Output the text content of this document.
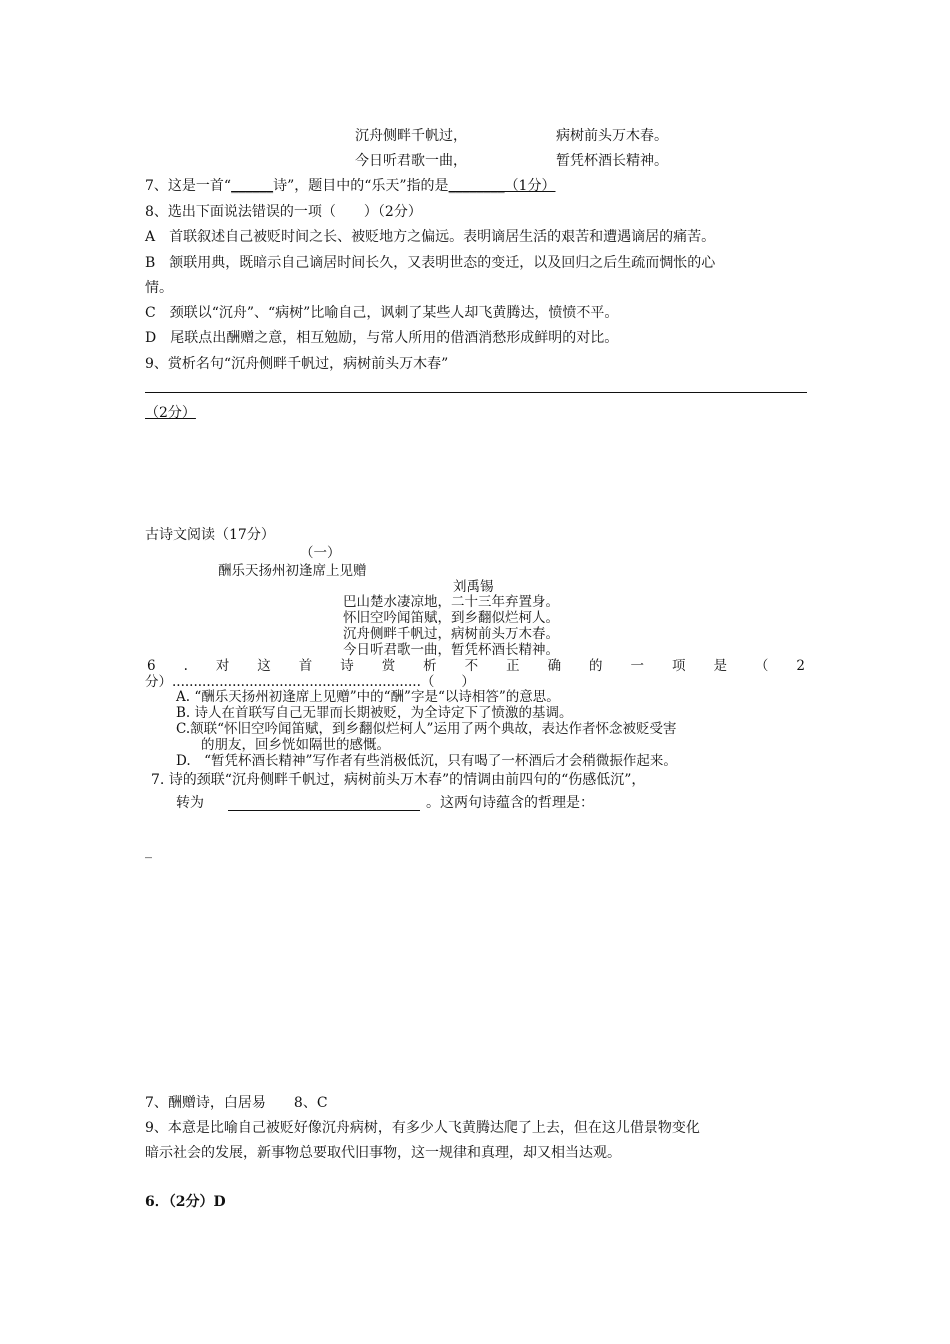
沉舟侧畔千帆过，	病树前头万木春。
今日听君歌一曲，	暂凭杯酒长精神。
7、这是一首“______诗”，题目中的“乐天”指的是________（1分）
8、选出下面说法错误的一项（　　）（2分）
A　首联叙述自己被贬时间之长、被贬地方之偏远。表明谪居生活的艰苦和遭遇谪居的痛苦。
B　颔联用典，既暗示自己谪居时间长久，又表明世态的变迁，以及回归之后生疏而惆怅的心
情。
C　颈联以“沉舟”、“病树”比喻自己，讽刺了某些人却飞黄腾达，愤愤不平。
D　尾联点出酬赠之意，相互勉励，与常人所用的借酒消愁形成鲜明的对比。
9、赏析名句“沉舟侧畔千帆过，病树前头万木春”
（2分）
古诗文阅读（17分）
（一）
酬乐天扬州初逢席上见赠
刘禹锡
巴山楚水凄凉地，二十三年弃置身。
怀旧空吟闻笛赋，到乡翻似烂柯人。
沉舟侧畔千帆过，病树前头万木春。
今日听君歌一曲，暂凭杯酒长精神。
6 . 对 这 首 诗 赏 析 不 正 确 的 一 项 是 （ 2
分）..........................................................（　　）
A. “酬乐天扬州初逢席上见赠”中的“酬”字是“以诗相答”的意思。
B. 诗人在首联写自己无罪而长期被贬，为全诗定下了愤激的基调。
C.颔联“怀旧空吟闻笛赋，到乡翻似烂柯人”运用了两个典故，表达作者怀念被贬受害
的朋友，回乡恍如隔世的感慨。
D.　“暂凭杯酒长精神”写作者有些消极低沉，只有喝了一杯酒后才会稍微振作起来。
7. 诗的颈联“沉舟侧畔千帆过，病树前头万木春”的情调由前四句的“伤感低沉”，
转为	。这两句诗蕴含的哲理是：
_
7、酬赠诗，白居易　　8、C
9、本意是比喻自己被贬好像沉舟病树，有多少人飞黄腾达爬了上去，但在这儿借景物变化
暗示社会的发展，新事物总要取代旧事物，这一规律和真理，却又相当达观。
6．（2分）D
